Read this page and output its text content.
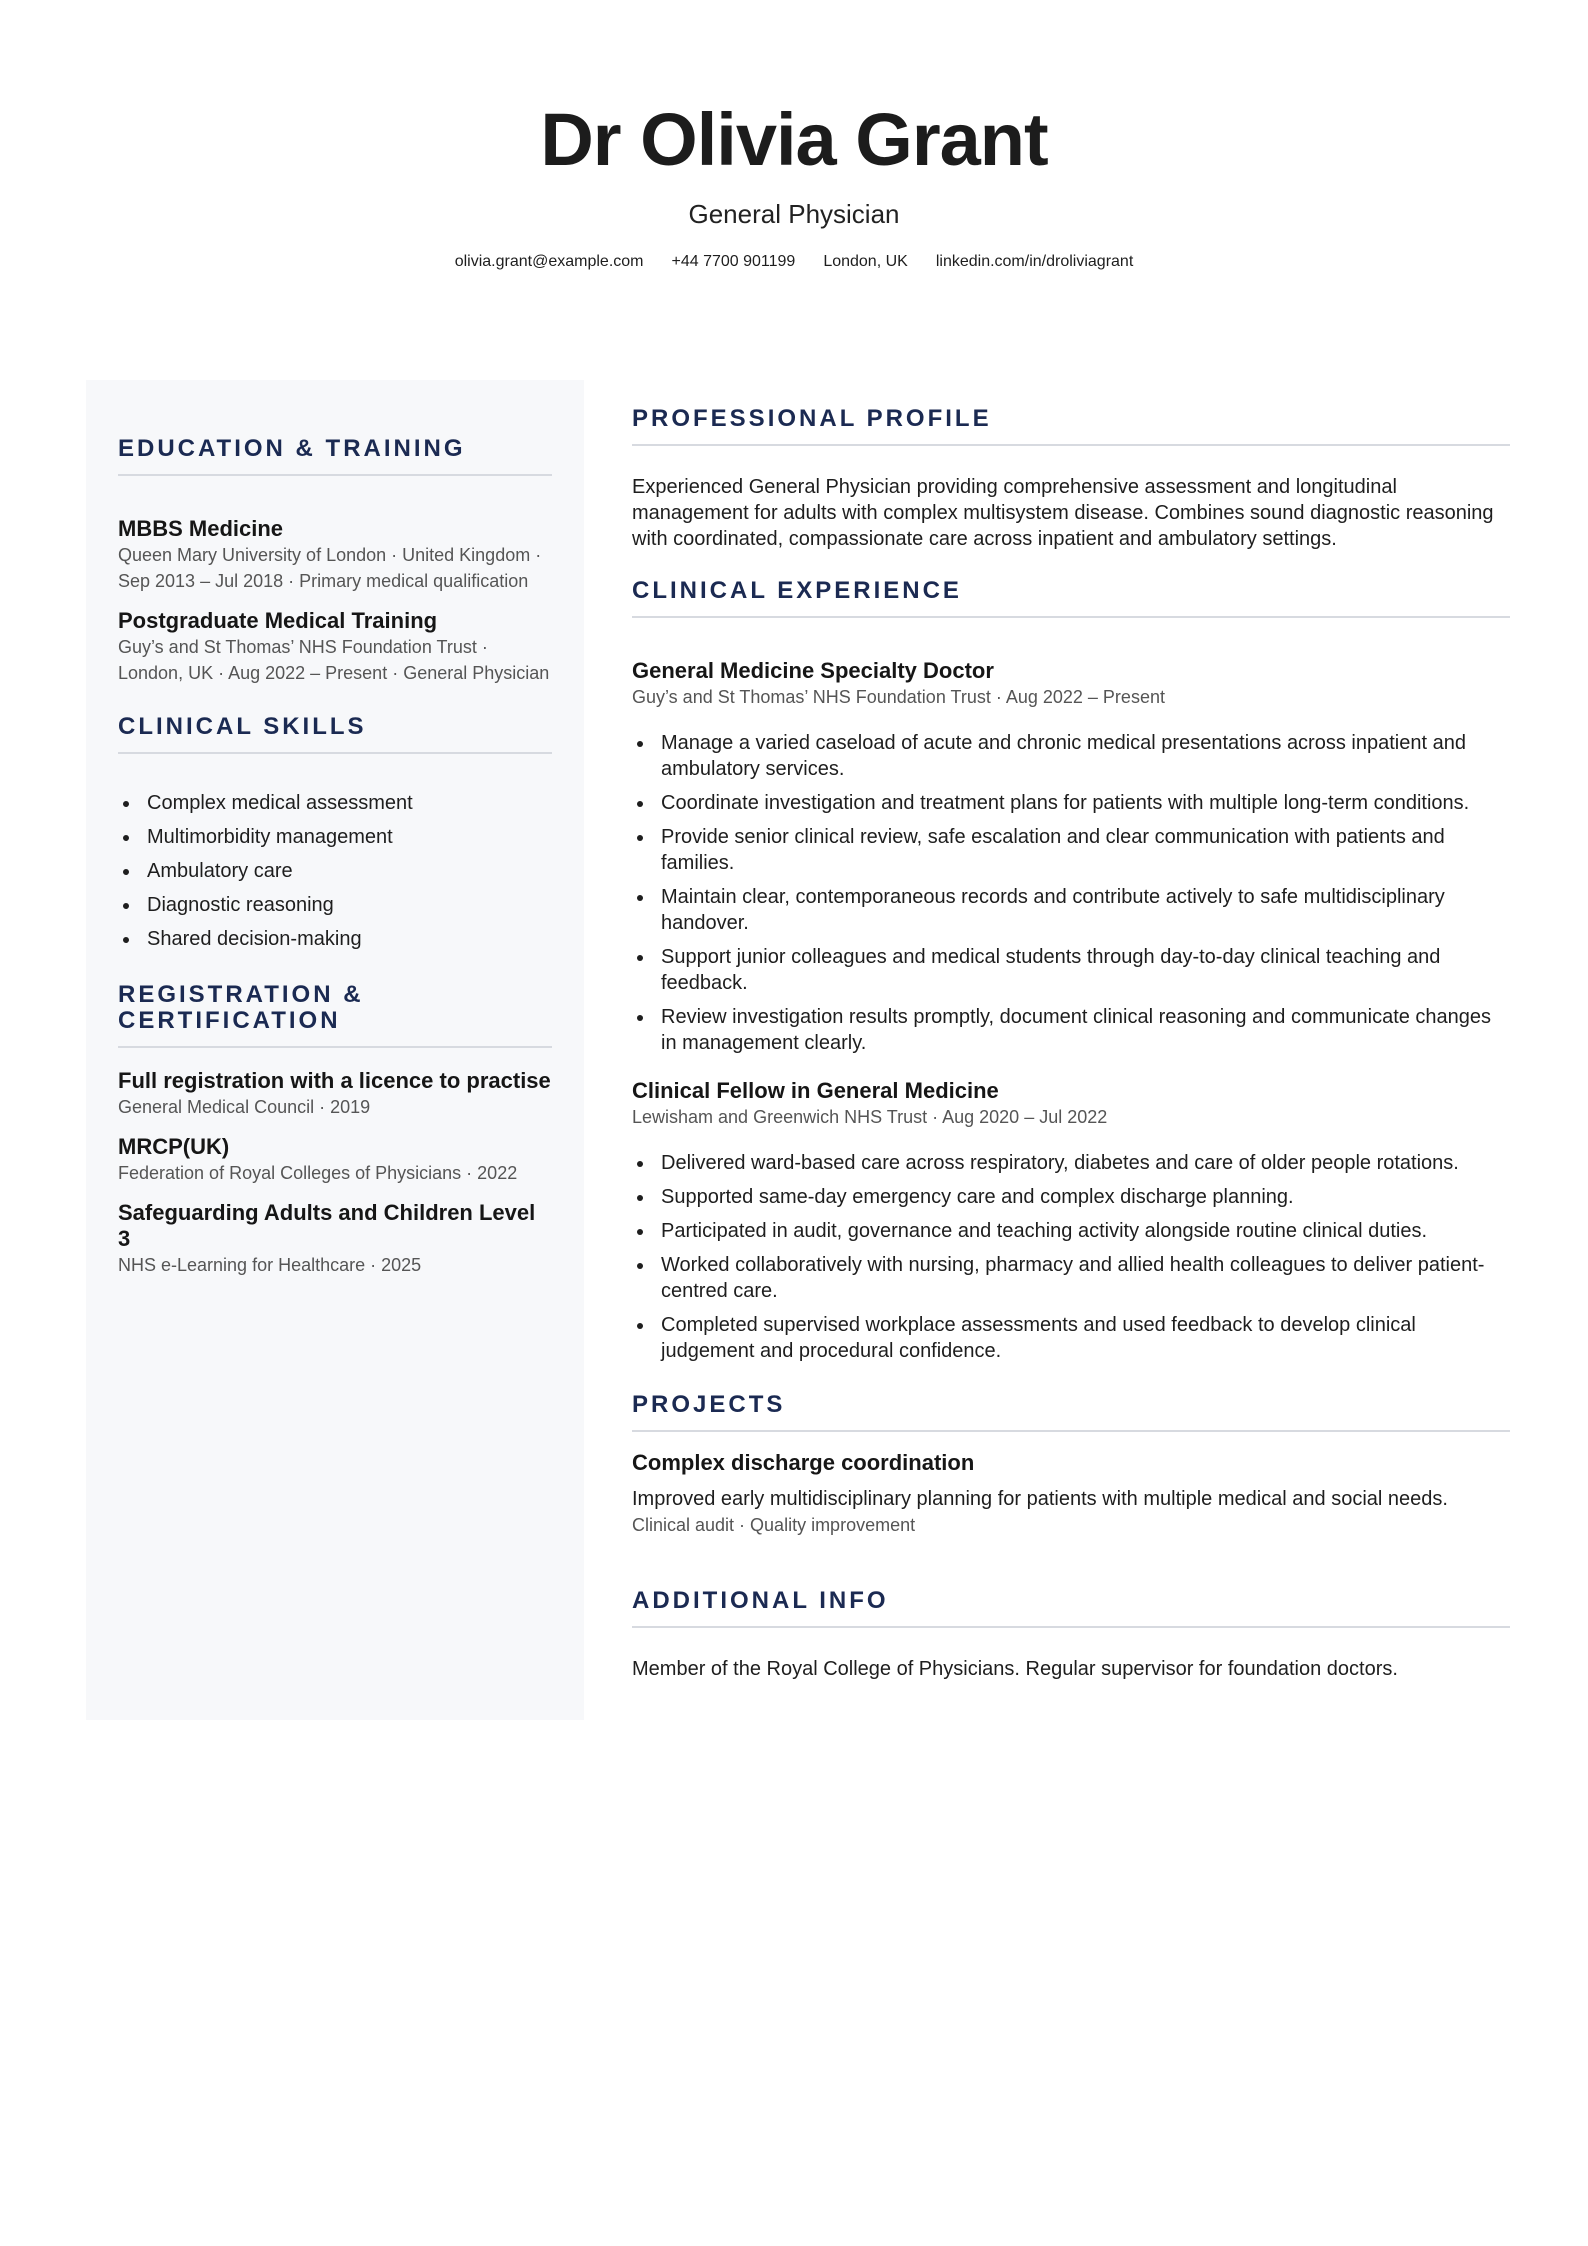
Dr Olivia Grant
General Physician
olivia.grant@example.com +44 7700 901199 London, UK linkedin.com/in/droliviagrant
EDUCATION & TRAINING
MBBS Medicine
Queen Mary University of London · United Kingdom · Sep 2013 – Jul 2018 · Primary medical qualification
Postgraduate Medical Training
Guy’s and St Thomas’ NHS Foundation Trust · London, UK · Aug 2022 – Present · General Physician
CLINICAL SKILLS
Complex medical assessment
Multimorbidity management
Ambulatory care
Diagnostic reasoning
Shared decision-making
REGISTRATION & CERTIFICATION
Full registration with a licence to practise
General Medical Council · 2019
MRCP(UK)
Federation of Royal Colleges of Physicians · 2022
Safeguarding Adults and Children Level 3
NHS e-Learning for Healthcare · 2025
PROFESSIONAL PROFILE

Experienced General Physician providing comprehensive assessment and longitudinal management for adults with complex multisystem disease. Combines sound diagnostic reasoning with coordinated, compassionate care across inpatient and ambulatory settings.

CLINICAL EXPERIENCE
General Medicine Specialty Doctor
Guy’s and St Thomas’ NHS Foundation Trust · Aug 2022 – Present
Manage a varied caseload of acute and chronic medical presentations across inpatient and ambulatory services.
Coordinate investigation and treatment plans for patients with multiple long-term conditions.
Provide senior clinical review, safe escalation and clear communication with patients and families.
Maintain clear, contemporaneous records and contribute actively to safe multidisciplinary handover.
Support junior colleagues and medical students through day-to-day clinical teaching and feedback.
Review investigation results promptly, document clinical reasoning and communicate changes in management clearly.
Clinical Fellow in General Medicine
Lewisham and Greenwich NHS Trust · Aug 2020 – Jul 2022
Delivered ward-based care across respiratory, diabetes and care of older people rotations.
Supported same-day emergency care and complex discharge planning.
Participated in audit, governance and teaching activity alongside routine clinical duties.
Worked collaboratively with nursing, pharmacy and allied health colleagues to deliver patient-centred care.
Completed supervised workplace assessments and used feedback to develop clinical judgement and procedural confidence.
PROJECTS
Complex discharge coordination
Improved early multidisciplinary planning for patients with multiple medical and social needs.
Clinical audit · Quality improvement
ADDITIONAL INFO

Member of the Royal College of Physicians. Regular supervisor for foundation doctors.
